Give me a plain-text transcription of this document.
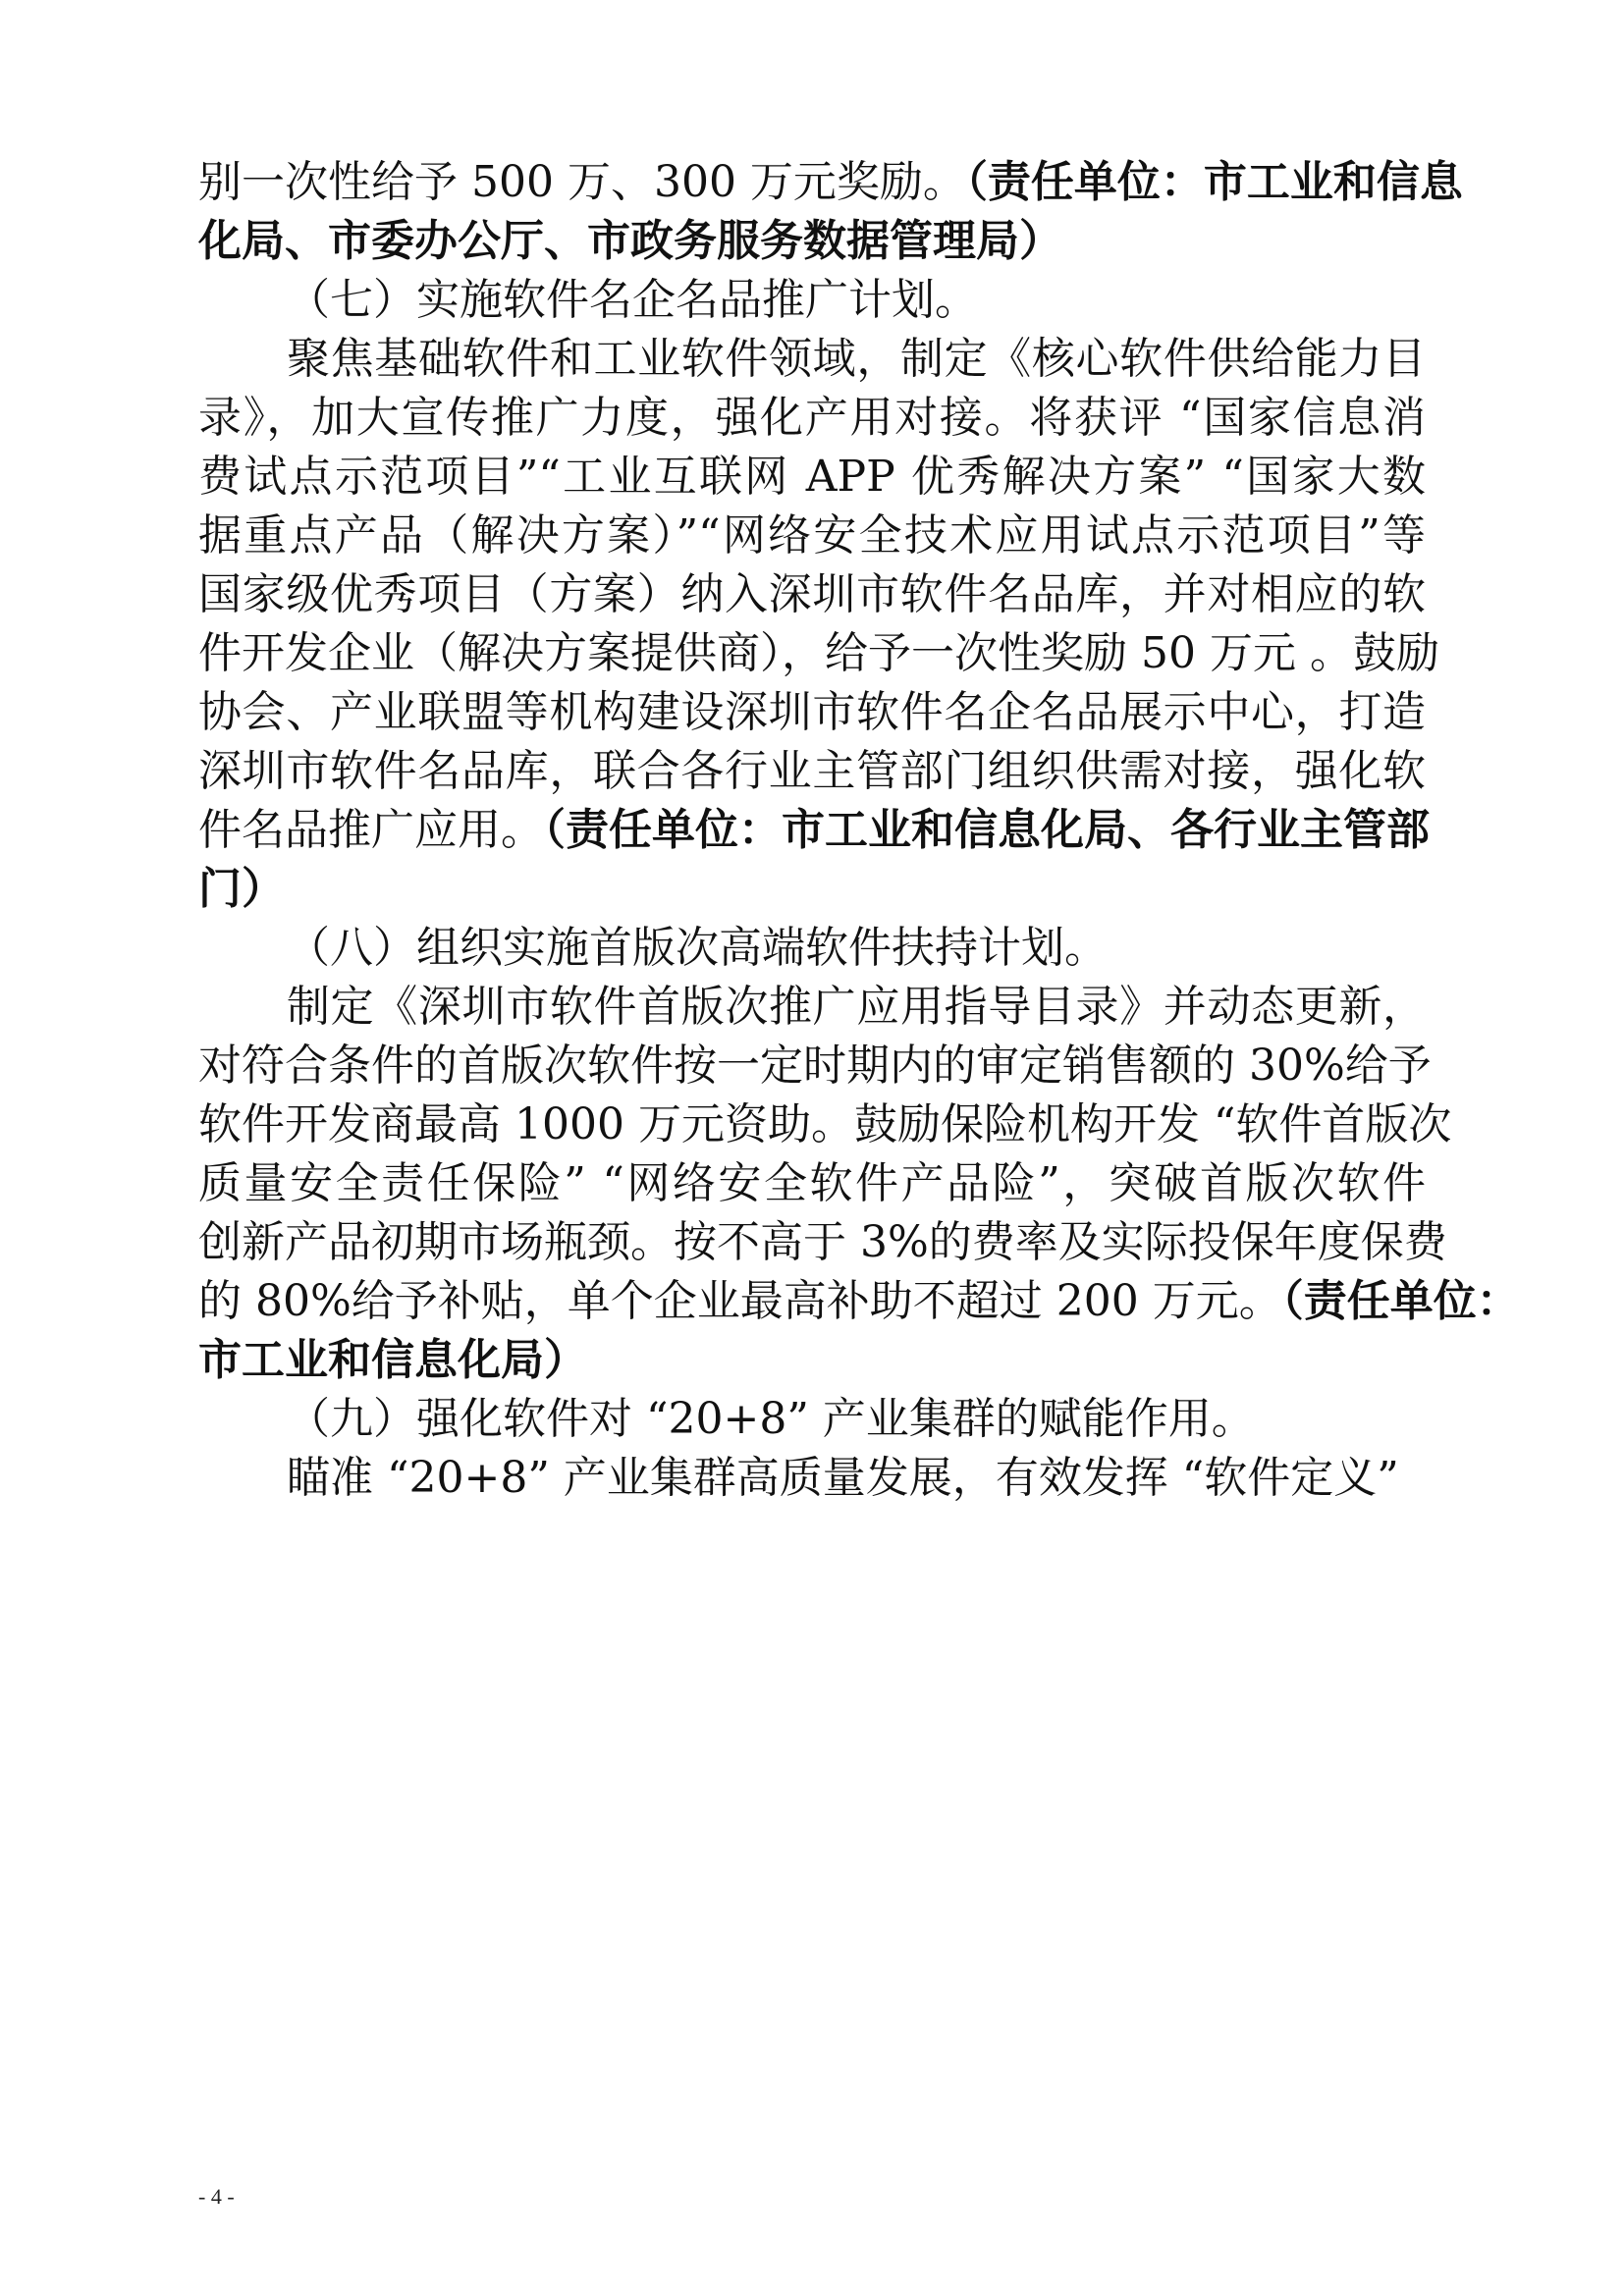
别一次性给予 500 万、300 万元奖励。（责任单位：市工业和信息
化局、市委办公厅、市政务服务数据管理局）
（七）实施软件名企名品推广计划。
聚焦基础软件和工业软件领域，制定《核心软件供给能力目
录》，加大宣传推广力度，强化产用对接。将获评 “国家信息消
费试点示范项目”“工业互联网 APP 优秀解决方案” “国家大数
据重点产品（解决方案）”“网络安全技术应用试点示范项目”等
国家级优秀项目（方案）纳入深圳市软件名品库，并对相应的软
件开发企业（解决方案提供商），给予一次性奖励 50 万元 。鼓励
协会、产业联盟等机构建设深圳市软件名企名品展示中心，打造
深圳市软件名品库，联合各行业主管部门组织供需对接，强化软
件名品推广应用。（责任单位：市工业和信息化局、各行业主管部
门）
（八）组织实施首版次高端软件扶持计划。
制定《深圳市软件首版次推广应用指导目录》并动态更新，
对符合条件的首版次软件按一定时期内的审定销售额的 30%给予
软件开发商最高 1000 万元资助。鼓励保险机构开发 “软件首版次
质量安全责任保险” “网络安全软件产品险”，突破首版次软件
创新产品初期市场瓶颈。按不高于 3%的费率及实际投保年度保费
的 80%给予补贴，单个企业最高补助不超过 200 万元。（责任单位：
市工业和信息化局）
（九）强化软件对 “20+8” 产业集群的赋能作用。
瞄准 “20+8” 产业集群高质量发展，有效发挥 “软件定义”
- 4 -
